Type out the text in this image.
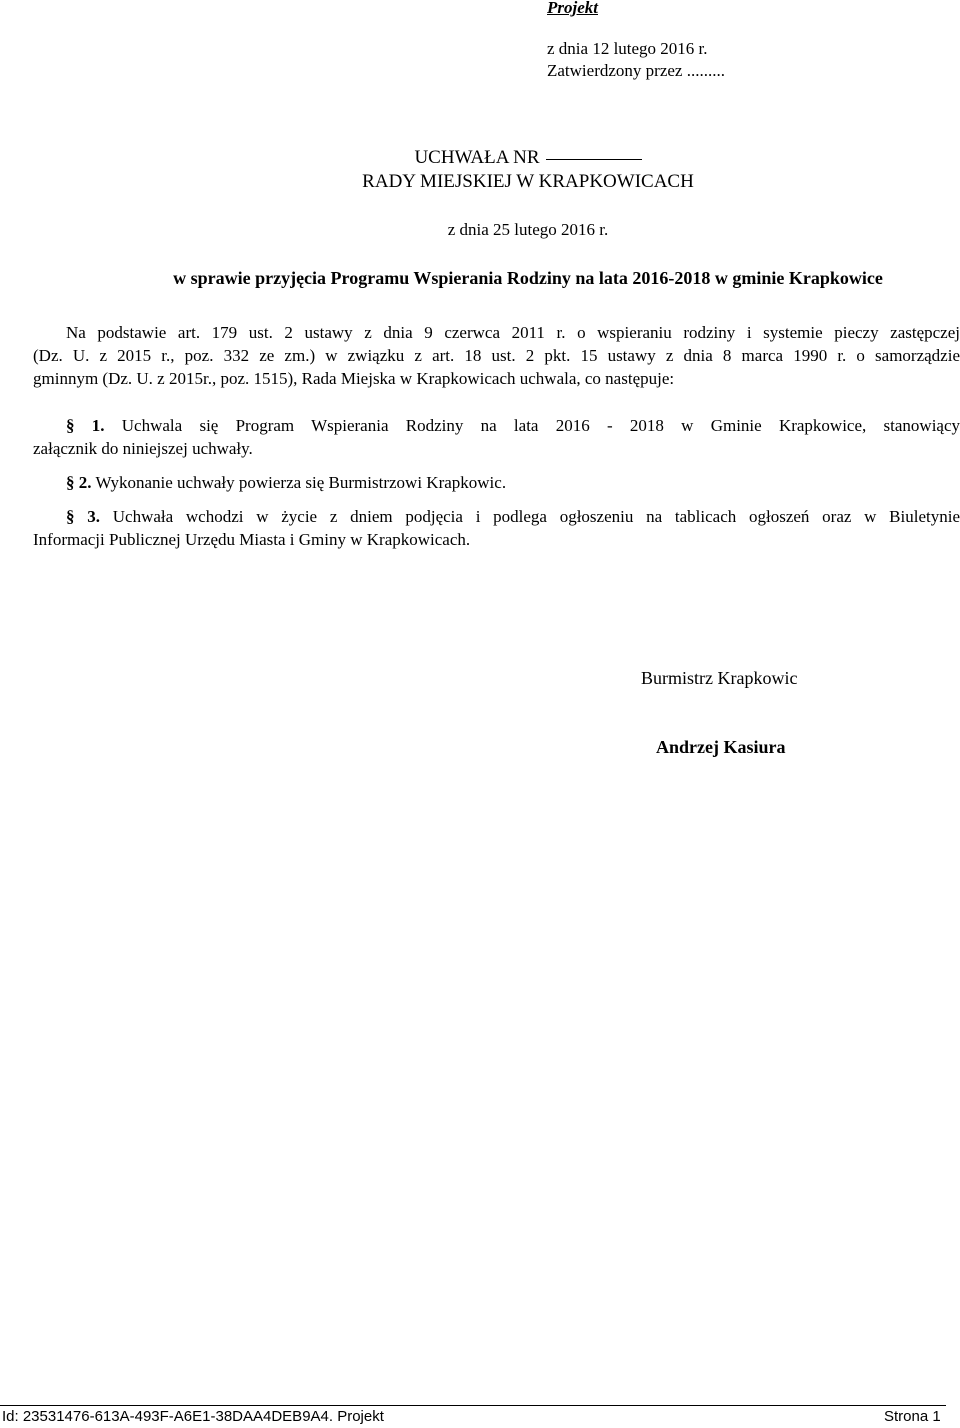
Projekt
z dnia 12 lutego 2016 r.
Zatwierdzony przez .........
UCHWAŁA NR
RADY MIEJSKIEJ W KRAPKOWICACH
z dnia 25 lutego 2016 r.
w sprawie przyjęcia Programu Wspierania Rodziny na lata 2016-2018 w gminie Krapkowice
Na podstawie art. 179 ust. 2 ustawy z dnia 9 czerwca 2011 r. o wspieraniu rodziny i systemie pieczy zastępczej
(Dz. U. z 2015 r., poz. 332 ze zm.) w związku z art. 18 ust. 2 pkt. 15 ustawy z dnia 8 marca 1990 r. o samorządzie
gminnym (Dz. U. z 2015r., poz. 1515), Rada Miejska w Krapkowicach uchwala, co następuje:
§ 1. Uchwala się Program Wspierania Rodziny na lata 2016 - 2018 w Gminie Krapkowice, stanowiący
załącznik do niniejszej uchwały.
§ 2. Wykonanie uchwały powierza się Burmistrzowi Krapkowic.
§ 3. Uchwała wchodzi w życie z dniem podjęcia i podlega ogłoszeniu na tablicach ogłoszeń oraz w Biuletynie
Informacji Publicznej Urzędu Miasta i Gminy w Krapkowicach.
Burmistrz Krapkowic
Andrzej Kasiura
Id: 23531476-613A-493F-A6E1-38DAA4DEB9A4. Projekt	Strona 1
